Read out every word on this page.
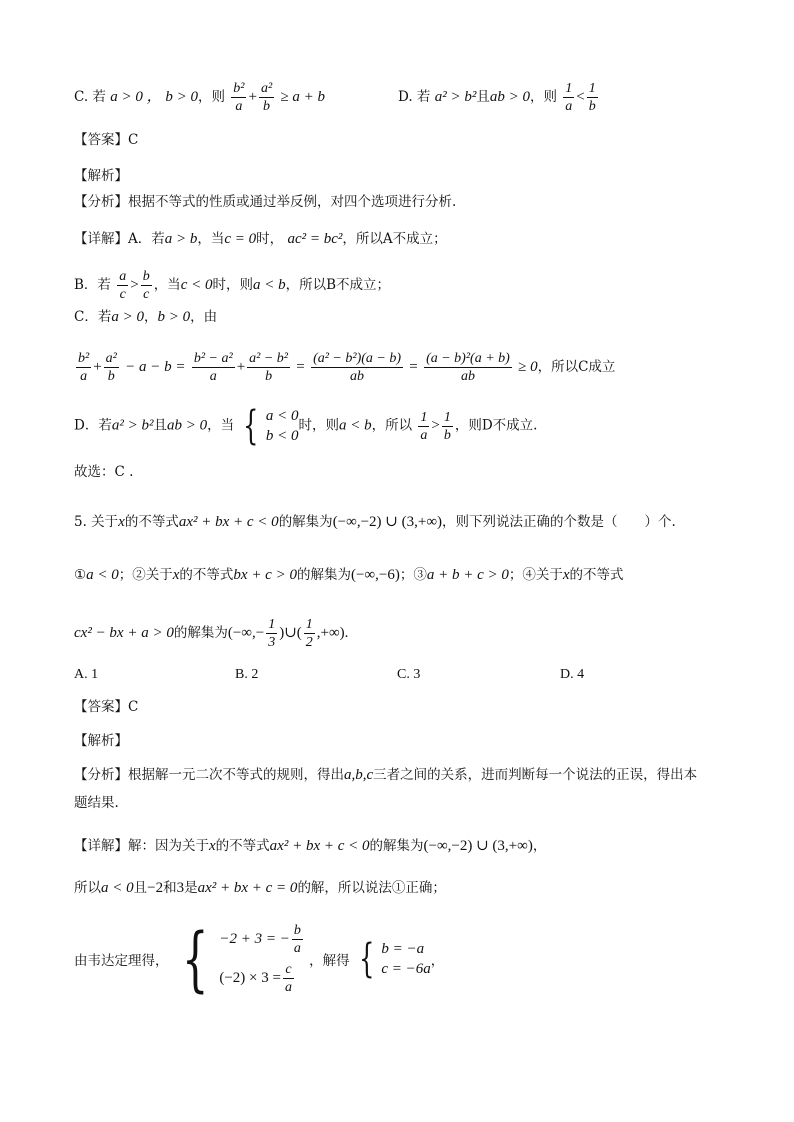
C. 若 a > 0 ， b > 0，则 $\frac{\text{b²}}{a} + \frac{\text{a²}}{b} \ge a + b$	D. 若 a² > b²且ab > 0，则 $\frac{1}{a} < \frac{1}{b}$
【答案】C
【解析】
【分析】根据不等式的性质或通过举反例，对四个选项进行分析.
【详解】A．若a > b，当c = 0时， ac² = bc²，所以A不成立；
B．若 $\frac{a}{c} > \frac{b}{c}$ ，当c < 0时，则a < b，所以B不成立；
C．若a > 0，b > 0，由
$\frac{\text{b²}}{a} + \frac{\text{a²}}{b} - a - b = \frac{\text{b² − a²}}{a} + \frac{\text{a² − b²}}{b} = \frac{\text{(a² − b²)(a − b)}}{ab} = \frac{\text{(a − b)²(a + b)}}{ab} \ge 0$，所以C成立
D．若a² > b²且ab > 0，当 { a < 0
b < 0
时，则a < b，所以 $\frac{1}{a} > \frac{1}{b}$ ，则D不成立.
故选：C .
5. 关于x的不等式ax² + bx + c < 0的解集为(−∞,−2) ∪ (3,+∞)，则下列说法正确的个数是（　　）个.
①a < 0；②关于x的不等式bx + c > 0的解集为(−∞,−6)；③a + b + c > 0；④关于x的不等式
cx² − bx + a > 0的解集为(−∞,− $\frac{1}{3}$ )∪( $\frac{1}{2}$ ,+∞).
A. 1	B. 2	C. 3	D. 4
【答案】C
【解析】
【分析】根据解一元二次不等式的规则，得出a,b,c三者之间的关系，进而判断每一个说法的正误，得出本
题结果.
【详解】解：因为关于x的不等式ax² + bx + c < 0的解集为(−∞,−2) ∪ (3,+∞)，
所以a < 0且−2和3是ax² + bx + c = 0的解，所以说法①正确；
由韦达定理得， { −2 + 3 = − $\frac{b}{a}$
$(-2) \times 3 = \frac{c}{a}$ ，解得 { b = −a
c = −6a ，
